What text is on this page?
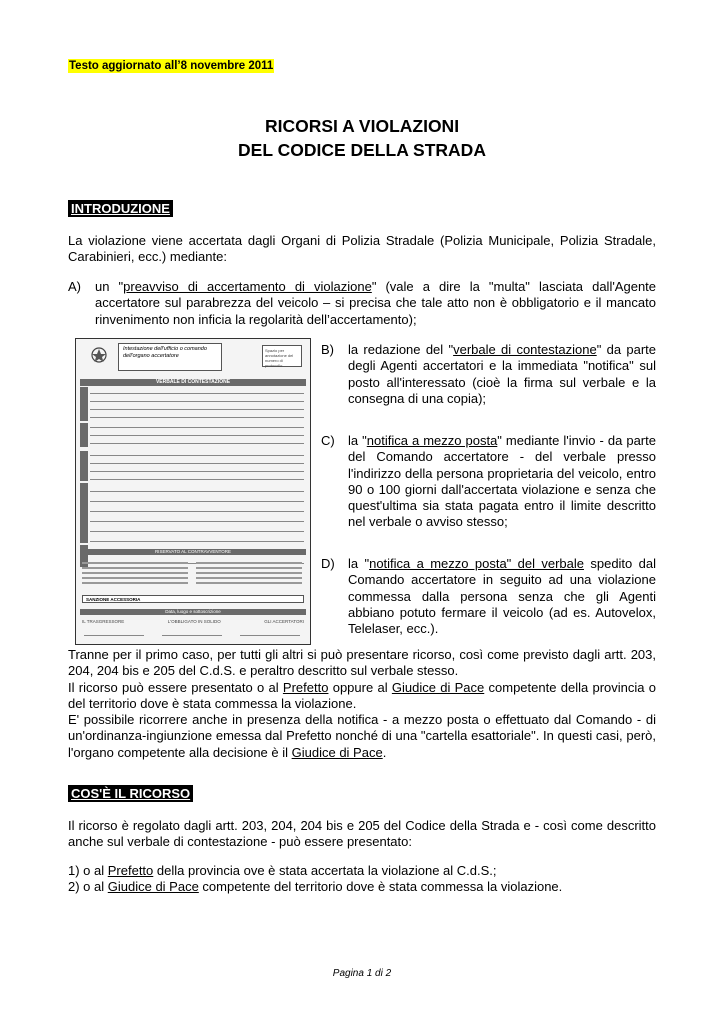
Testo aggiornato all’8 novembre 2011
RICORSI A VIOLAZIONI
DEL CODICE DELLA STRADA
INTRODUZIONE
La violazione viene accertata dagli Organi di Polizia Stradale (Polizia Municipale, Polizia Stradale, Carabinieri, ecc.) mediante:
A)	un "preavviso di accertamento di violazione" (vale a dire la "multa" lasciata dall'Agente accertatore sul parabrezza del veicolo – si precisa che tale atto non è obbligatorio e il mancato rinvenimento non inficia la regolarità dell’accertamento);
Intestazione dell'ufficio o comando dell'organo accertatore
Spazio per annotazione del numero di protocollo
VERBALE DI CONTESTAZIONE
RISERVATO AL CONTRAVVENTORE
SANZIONE ACCESSORIA
Data, luogo e sottoscrizione
IL TRASGRESSORE	L'OBBLIGATO IN SOLIDO	GLI ACCERTATORI
B)	la redazione del "verbale di contestazione" da parte degli Agenti accertatori e la immediata "notifica" sul posto all'interessato (cioè la firma sul verbale e la consegna di una copia);
C)	la "notifica a mezzo posta" mediante l'invio - da parte del Comando accertatore - del verbale presso l'indirizzo della persona proprietaria del veicolo, entro 90 o 100 giorni dall'accertata violazione e senza che quest'ultima sia stata pagata entro il limite descritto nel verbale o avviso stesso;
D)	la "notifica a mezzo posta" del verbale spedito dal Comando accertatore in seguito ad una violazione commessa dalla persona senza che gli Agenti abbiano potuto fermare il veicolo (ad es. Autovelox, Telelaser, ecc.).
Tranne per il primo caso, per tutti gli altri si può presentare ricorso, così come previsto dagli artt. 203, 204, 204 bis e 205 del C.d.S. e peraltro descritto sul verbale stesso.
Il ricorso può essere presentato o al Prefetto oppure al Giudice di Pace competente della provincia o del territorio dove è stata commessa la violazione.
E' possibile ricorrere anche in presenza della notifica - a mezzo posta o effettuato dal Comando - di un'ordinanza-ingiunzione emessa dal Prefetto nonché di una "cartella esattoriale". In questi casi, però, l'organo competente alla decisione è il Giudice di Pace.
COS'È IL RICORSO
Il ricorso è regolato dagli artt. 203, 204, 204 bis e 205 del Codice della Strada e - così come descritto anche sul verbale di contestazione - può essere presentato:
1) o al Prefetto della provincia ove è stata accertata la violazione al C.d.S.;
2) o al Giudice di Pace competente del territorio dove è stata commessa la violazione.
Pagina 1 di 2
